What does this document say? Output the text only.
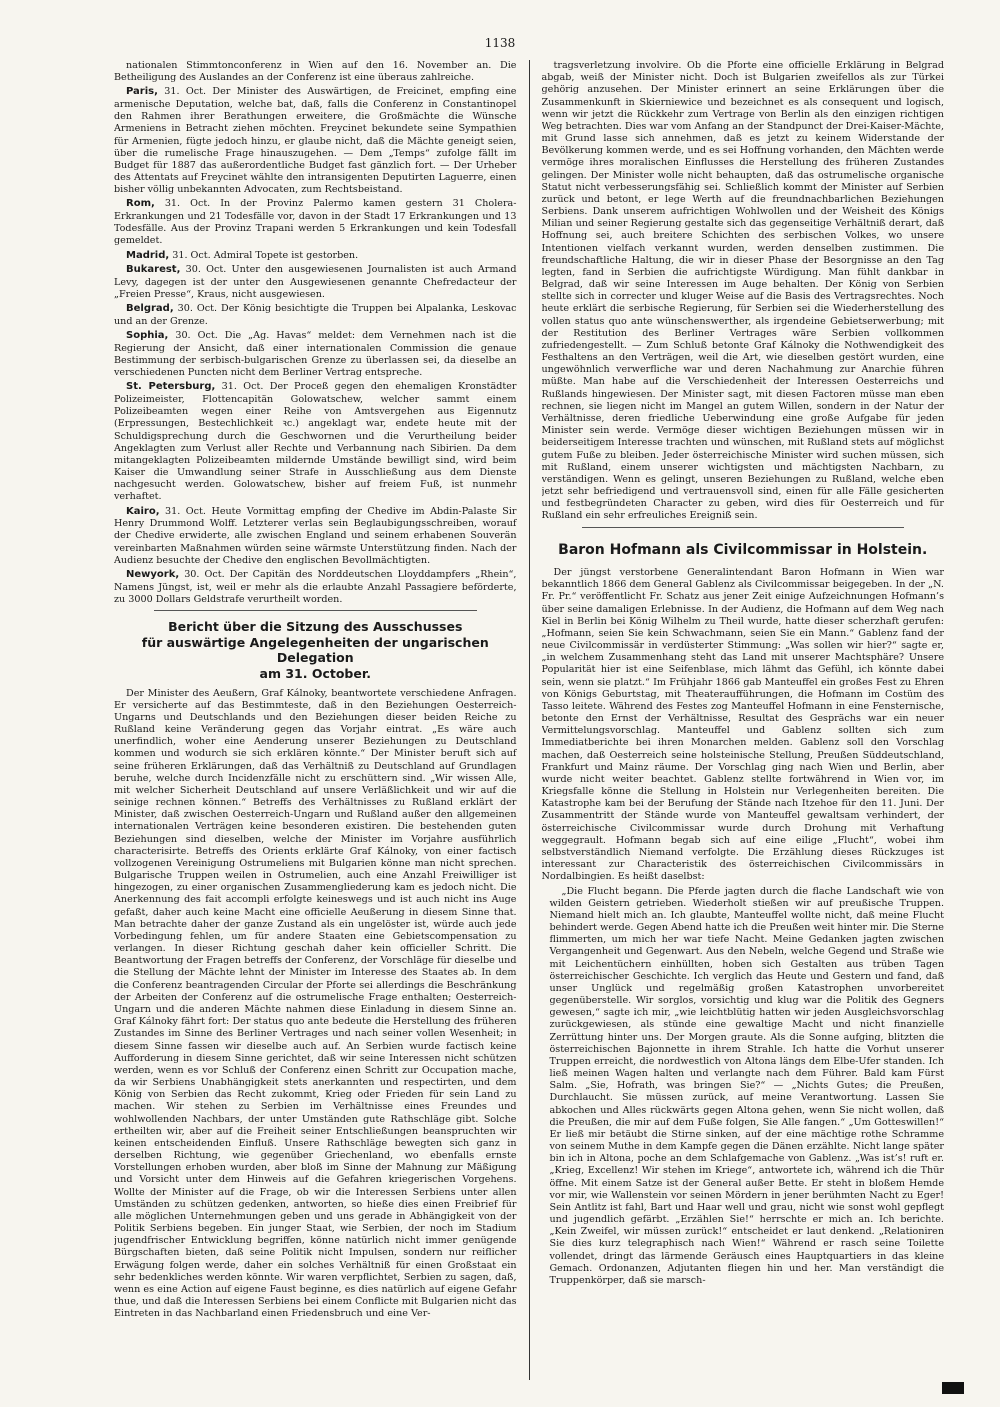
1138

nationalen Stimmtonconferenz in Wien auf den 16. November an. Die Betheiligung des Auslandes an der Conferenz ist eine überaus zahlreiche.

Paris, 31. Oct. Der Minister des Auswärtigen, de Freicinet, empfing eine armenische Deputation, welche bat, daß, falls die Conferenz in Constantinopel den Rahmen ihrer Berathungen erweitere, die Großmächte die Wünsche Armeniens in Betracht ziehen möchten. Freycinet bekundete seine Sympathien für Armenien, fügte jedoch hinzu, er glaube nicht, daß die Mächte geneigt seien, über die rumelische Frage hinauszugehen. — Dem „Temps“ zufolge fällt im Budget für 1887 das außerordentliche Budget fast gänzlich fort. — Der Urheber des Attentats auf Freycinet wählte den intransigenten Deputirten Laguerre, einen bisher völlig unbekannten Advocaten, zum Rechtsbeistand.

Rom, 31. Oct. In der Provinz Palermo kamen gestern 31 Cholera-Erkrankungen und 21 Todesfälle vor, davon in der Stadt 17 Erkrankungen und 13 Todesfälle. Aus der Provinz Trapani werden 5 Erkrankungen und kein Todesfall gemeldet.

Madrid, 31. Oct. Admiral Topete ist gestorben.

Bukarest, 30. Oct. Unter den ausgewiesenen Journalisten ist auch Armand Levy, dagegen ist der unter den Ausgewiesenen genannte Chefredacteur der „Freien Presse“, Kraus, nicht ausgewiesen.

Belgrad, 30. Oct. Der König besichtigte die Truppen bei Alpalanka, Leskovac und an der Grenze.

Sophia, 30. Oct. Die „Ag. Havas“ meldet: dem Vernehmen nach ist die Regierung der Ansicht, daß einer internationalen Commission die genaue Bestimmung der serbisch-bulgarischen Grenze zu überlassen sei, da dieselbe an verschiedenen Puncten nicht dem Berliner Vertrag entspreche.

St. Petersburg, 31. Oct. Der Proceß gegen den ehemaligen Kronstädter Polizeimeister, Flottencapitän Golowatschew, welcher sammt einem Polizeibeamten wegen einer Reihe von Amtsvergehen aus Eigennutz (Erpressungen, Bestechlichkeit ꝛc.) angeklagt war, endete heute mit der Schuldigsprechung durch die Geschwornen und die Verurtheilung beider Angeklagten zum Verlust aller Rechte und Verbannung nach Sibirien. Da dem mitangeklagten Polizeibeamten mildernde Umstände bewilligt sind, wird beim Kaiser die Umwandlung seiner Strafe in Ausschließung aus dem Dienste nachgesucht werden. Golowatschew, bisher auf freiem Fuß, ist nunmehr verhaftet.

Kairo, 31. Oct. Heute Vormittag empfing der Chedive im Abdin-Palaste Sir Henry Drummond Wolff. Letzterer verlas sein Beglaubigungsschreiben, worauf der Chedive erwiderte, alle zwischen England und seinem erhabenen Souverän vereinbarten Maßnahmen würden seine wärmste Unterstützung finden. Nach der Audienz besuchte der Chedive den englischen Bevollmächtigten.

Newyork, 30. Oct. Der Capitän des Norddeutschen Lloyddampfers „Rhein“, Namens Jüngst, ist, weil er mehr als die erlaubte Anzahl Passagiere beförderte, zu 3000 Dollars Geldstrafe verurtheilt worden.

Bericht über die Sitzung des Ausschusses
für auswärtige Angelegenheiten der ungarischen Delegation
am 31. October.

Der Minister des Aeußern, Graf Kálnoky, beantwortete verschiedene Anfragen. Er versicherte auf das Bestimmteste, daß in den Beziehungen Oesterreich-Ungarns und Deutschlands und den Beziehungen dieser beiden Reiche zu Rußland keine Veränderung gegen das Vorjahr eintrat. „Es wäre auch unerfindlich, woher eine Aenderung unserer Beziehungen zu Deutschland kommen und wodurch sie sich erklären könnte.“ Der Minister beruft sich auf seine früheren Erklärungen, daß das Verhältniß zu Deutschland auf Grundlagen beruhe, welche durch Incidenzfälle nicht zu erschüttern sind. „Wir wissen Alle, mit welcher Sicherheit Deutschland auf unsere Verläßlichkeit und wir auf die seinige rechnen können.“ Betreffs des Verhältnisses zu Rußland erklärt der Minister, daß zwischen Oesterreich-Ungarn und Rußland außer den allgemeinen internationalen Verträgen keine besonderen existiren. Die bestehenden guten Beziehungen sind dieselben, welche der Minister im Vorjahre ausführlich characterisirte. Betreffs des Orients erklärte Graf Kálnoky, von einer factisch vollzogenen Vereinigung Ostrumeliens mit Bulgarien könne man nicht sprechen. Bulgarische Truppen weilen in Ostrumelien, auch eine Anzahl Freiwilliger ist hingezogen, zu einer organischen Zusammengliederung kam es jedoch nicht. Die Anerkennung des fait accompli erfolgte keineswegs und ist auch nicht ins Auge gefaßt, daher auch keine Macht eine officielle Aeußerung in diesem Sinne that. Man betrachte daher der ganze Zustand als ein ungelöster ist, würde auch jede Vorbedingung fehlen, um für andere Staaten eine Gebietscompensation zu verlangen. In dieser Richtung geschah daher kein officieller Schritt. Die Beantwortung der Fragen betreffs der Conferenz, der Vorschläge für dieselbe und die Stellung der Mächte lehnt der Minister im Interesse des Staates ab. In dem die Conferenz beantragenden Circular der Pforte sei allerdings die Beschränkung der Arbeiten der Conferenz auf die ostrumelische Frage enthalten; Oesterreich-Ungarn und die anderen Mächte nahmen diese Einladung in diesem Sinne an. Graf Kálnoky fährt fort: Der status quo ante bedeute die Herstellung des früheren Zustandes im Sinne des Berliner Vertrages und nach seiner vollen Wesenheit; in diesem Sinne fassen wir dieselbe auch auf. An Serbien wurde factisch keine Aufforderung in diesem Sinne gerichtet, daß wir seine Interessen nicht schützen werden, wenn es vor Schluß der Conferenz einen Schritt zur Occupation mache, da wir Serbiens Unabhängigkeit stets anerkannten und respectirten, und dem König von Serbien das Recht zukommt, Krieg oder Frieden für sein Land zu machen. Wir stehen zu Serbien im Verhältnisse eines Freundes und wohlwollenden Nachbars, der unter Umständen gute Rathschläge gibt. Solche ertheilten wir, aber auf die Freiheit seiner Entschließungen beanspruchten wir keinen entscheidenden Einfluß. Unsere Rathschläge bewegten sich ganz in derselben Richtung, wie gegenüber Griechenland, wo ebenfalls ernste Vorstellungen erhoben wurden, aber bloß im Sinne der Mahnung zur Mäßigung und Vorsicht unter dem Hinweis auf die Gefahren kriegerischen Vorgehens. Wollte der Minister auf die Frage, ob wir die Interessen Serbiens unter allen Umständen zu schützen gedenken, antworten, so hieße dies einen Freibrief für alle möglichen Unternehmungen geben und uns gerade in Abhängigkeit von der Politik Serbiens begeben. Ein junger Staat, wie Serbien, der noch im Stadium jugendfrischer Entwicklung begriffen, könne natürlich nicht immer genügende Bürgschaften bieten, daß seine Politik nicht Impulsen, sondern nur reiflicher Erwägung folgen werde, daher ein solches Verhältniß für einen Großstaat ein sehr bedenkliches werden könnte. Wir waren verpflichtet, Serbien zu sagen, daß, wenn es eine Action auf eigene Faust beginne, es dies natürlich auf eigene Gefahr thue, und daß die Interessen Serbiens bei einem Conflicte mit Bulgarien nicht das Eintreten in das Nachbarland einen Friedensbruch und eine Ver-

tragsverletzung involvire. Ob die Pforte eine officielle Erklärung in Belgrad abgab, weiß der Minister nicht. Doch ist Bulgarien zweifellos als zur Türkei gehörig anzusehen. Der Minister erinnert an seine Erklärungen über die Zusammenkunft in Skierniewice und bezeichnet es als consequent und logisch, wenn wir jetzt die Rückkehr zum Vertrage von Berlin als den einzigen richtigen Weg betrachten. Dies war vom Anfang an der Standpunct der Drei-Kaiser-Mächte, mit Grund lasse sich annehmen, daß es jetzt zu keinem Widerstande der Bevölkerung kommen werde, und es sei Hoffnung vorhanden, den Mächten werde vermöge ihres moralischen Einflusses die Herstellung des früheren Zustandes gelingen. Der Minister wolle nicht behaupten, daß das ostrumelische organische Statut nicht verbesserungsfähig sei. Schließlich kommt der Minister auf Serbien zurück und betont, er lege Werth auf die freundnachbarlichen Beziehungen Serbiens. Dank unserem aufrichtigen Wohlwollen und der Weisheit des Königs Milian und seiner Regierung gestalte sich das gegenseitige Verhältniß derart, daß Hoffnung sei, auch breitere Schichten des serbischen Volkes, wo unsere Intentionen vielfach verkannt wurden, werden denselben zustimmen. Die freundschaftliche Haltung, die wir in dieser Phase der Besorgnisse an den Tag legten, fand in Serbien die aufrichtigste Würdigung. Man fühlt dankbar in Belgrad, daß wir seine Interessen im Auge behalten. Der König von Serbien stellte sich in correcter und kluger Weise auf die Basis des Vertragsrechtes. Noch heute erklärt die serbische Regierung, für Serbien sei die Wiederherstellung des vollen status quo ante wünschenswerther, als irgendeine Gebietserwerbung; mit der Restitution des Berliner Vertrages wäre Serbien vollkommen zufriedengestellt. — Zum Schluß betonte Graf Kálnoky die Nothwendigkeit des Festhaltens an den Verträgen, weil die Art, wie dieselben gestört wurden, eine ungewöhnlich verwerfliche war und deren Nachahmung zur Anarchie führen müßte. Man habe auf die Verschiedenheit der Interessen Oesterreichs und Rußlands hingewiesen. Der Minister sagt, mit diesen Factoren müsse man eben rechnen, sie liegen nicht im Mangel an gutem Willen, sondern in der Natur der Verhältnisse, deren friedliche Ueberwindung eine große Aufgabe für jeden Minister sein werde. Vermöge dieser wichtigen Beziehungen müssen wir in beiderseitigem Interesse trachten und wünschen, mit Rußland stets auf möglichst gutem Fuße zu bleiben. Jeder österreichische Minister wird suchen müssen, sich mit Rußland, einem unserer wichtigsten und mächtigsten Nachbarn, zu verständigen. Wenn es gelingt, unseren Beziehungen zu Rußland, welche eben jetzt sehr befriedigend und vertrauensvoll sind, einen für alle Fälle gesicherten und festbegründeten Character zu geben, wird dies für Oesterreich und für Rußland ein sehr erfreuliches Ereigniß sein.

Baron Hofmann als Civilcommissar in Holstein.

Der jüngst verstorbene Generalintendant Baron Hofmann in Wien war bekanntlich 1866 dem General Gablenz als Civilcommissar beigegeben. In der „N. Fr. Pr.“ veröffentlicht Fr. Schatz aus jener Zeit einige Aufzeichnungen Hofmann’s über seine damaligen Erlebnisse. In der Audienz, die Hofmann auf dem Weg nach Kiel in Berlin bei König Wilhelm zu Theil wurde, hatte dieser scherzhaft gerufen: „Hofmann, seien Sie kein Schwachmann, seien Sie ein Mann.“ Gablenz fand der neue Civilcommissär in verdüsterter Stimmung: „Was sollen wir hier?“ sagte er, „in welchem Zusammenhang steht das Land mit unserer Machtsphäre? Unsere Popularität hier ist eine Seifenblase, mich lähmt das Gefühl, ich könnte dabei sein, wenn sie platzt.“ Im Frühjahr 1866 gab Manteuffel ein großes Fest zu Ehren von Königs Geburtstag, mit Theateraufführungen, die Hofmann im Costüm des Tasso leitete. Während des Festes zog Manteuffel Hofmann in eine Fensternische, betonte den Ernst der Verhältnisse, Resultat des Gesprächs war ein neuer Vermittelungsvorschlag. Manteuffel und Gablenz sollten sich zum Immediatberichte bei ihren Monarchen melden. Gablenz soll den Vorschlag machen, daß Oesterreich seine holsteinische Stellung, Preußen Süddeutschland, Frankfurt und Mainz räume. Der Vorschlag ging nach Wien und Berlin, aber wurde nicht weiter beachtet. Gablenz stellte fortwährend in Wien vor, im Kriegsfalle könne die Stellung in Holstein nur Verlegenheiten bereiten. Die Katastrophe kam bei der Berufung der Stände nach Itzehoe für den 11. Juni. Der Zusammentritt der Stände wurde von Manteuffel gewaltsam verhindert, der österreichische Civilcommissar wurde durch Drohung mit Verhaftung weggegrault. Hofmann begab sich auf eine eilige „Flucht“, wobei ihm selbstverständlich Niemand verfolgte. Die Erzählung dieses Rückzuges ist interessant zur Characteristik des österreichischen Civilcommissärs in Nordalbingien. Es heißt daselbst:

„Die Flucht begann. Die Pferde jagten durch die flache Landschaft wie von wilden Geistern getrieben. Wiederholt stießen wir auf preußische Truppen. Niemand hielt mich an. Ich glaubte, Manteuffel wollte nicht, daß meine Flucht behindert werde. Gegen Abend hatte ich die Preußen weit hinter mir. Die Sterne flimmerten, um mich her war tiefe Nacht. Meine Gedanken jagten zwischen Vergangenheit und Gegenwart. Aus den Nebeln, welche Gegend und Straße wie mit Leichentüchern einhüllten, hoben sich Gestalten aus trüben Tagen österreichischer Geschichte. Ich verglich das Heute und Gestern und fand, daß unser Unglück und regelmäßig großen Katastrophen unvorbereitet gegenüberstelle. Wir sorglos, vorsichtig und klug war die Politik des Gegners gewesen,“ sagte ich mir, „wie leichtblütig hatten wir jeden Ausgleichsvorschlag zurückgewiesen, als stünde eine gewaltige Macht und nicht finanzielle Zerrüttung hinter uns. Der Morgen graute. Als die Sonne aufging, blitzten die österreichischen Bajonnette in ihrem Strahle. Ich hatte die Vorhut unserer Truppen erreicht, die nordwestlich von Altona längs dem Elbe-Ufer standen. Ich ließ meinen Wagen halten und verlangte nach dem Führer. Bald kam Fürst Salm. „Sie, Hofrath, was bringen Sie?“ — „Nichts Gutes; die Preußen, Durchlaucht. Sie müssen zurück, auf meine Verantwortung. Lassen Sie abkochen und Alles rückwärts gegen Altona gehen, wenn Sie nicht wollen, daß die Preußen, die mir auf dem Fuße folgen, Sie Alle fangen.“ „Um Gotteswillen!“ Er ließ mir betäubt die Stirne sinken, auf der eine mächtige rothe Schramme von seinem Muthe in dem Kampfe gegen die Dänen erzählte. Nicht lange später bin ich in Altona, poche an dem Schlafgemache von Gablenz. „Was ist’s! ruft er. „Krieg, Excellenz! Wir stehen im Kriege“, antwortete ich, während ich die Thür öffne. Mit einem Satze ist der General außer Bette. Er steht in bloßem Hemde vor mir, wie Wallenstein vor seinen Mördern in jener berühmten Nacht zu Eger! Sein Antlitz ist fahl, Bart und Haar well und grau, nicht wie sonst wohl gepflegt und jugendlich gefärbt. „Erzählen Sie!“ herrschte er mich an. Ich berichte. „Kein Zweifel, wir müssen zurück!“ entscheidet er laut denkend. „Relationiren Sie dies kurz telegraphisch nach Wien!“ Während er rasch seine Toilette vollendet, dringt das lärmende Geräusch eines Hauptquartiers in das kleine Gemach. Ordonanzen, Adjutanten fliegen hin und her. Man verständigt die Truppenkörper, daß sie marsch-
